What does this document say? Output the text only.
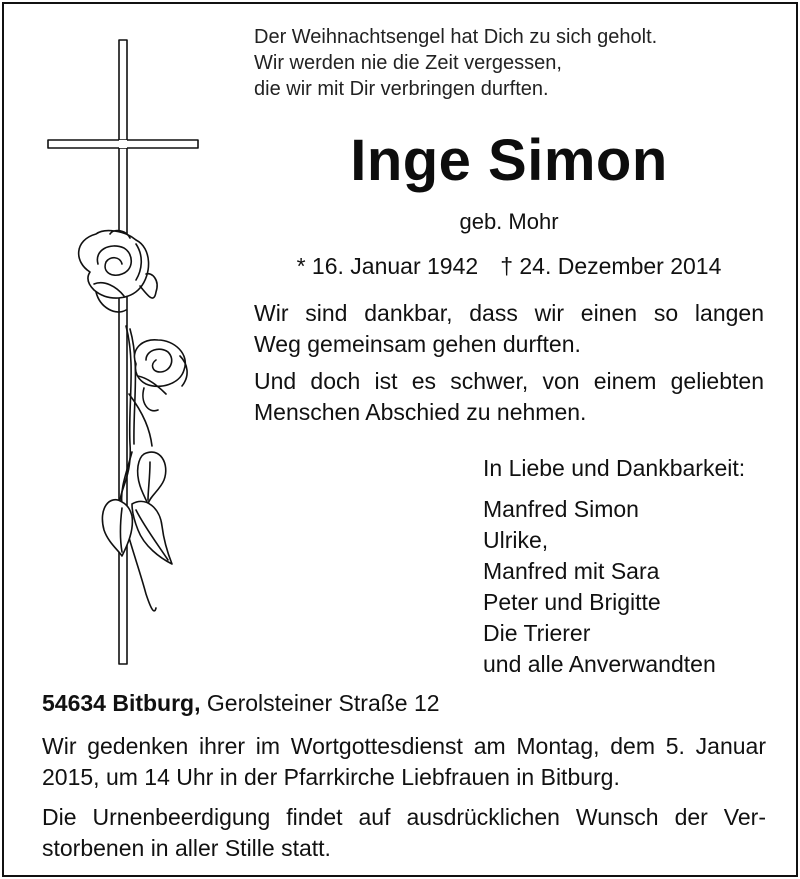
Der Weihnachtsengel hat Dich zu sich geholt.
Wir werden nie die Zeit vergessen,
die wir mit Dir verbringen durften.
Inge Simon
geb. Mohr
* 16. Januar 1942 † 24. Dezember 2014
Wir sind dankbar, dass wir einen so langen
Weg gemeinsam gehen durften.
Und doch ist es schwer, von einem geliebten
Menschen Abschied zu nehmen.
In Liebe und Dankbarkeit:
Manfred Simon
Ulrike,
Manfred mit Sara
Peter und Brigitte
Die Trierer
und alle Anverwandten
54634 Bitburg, Gerolsteiner Straße 12
Wir gedenken ihrer im Wortgottesdienst am Montag, dem 5. Januar
2015, um 14 Uhr in der Pfarrkirche Liebfrauen in Bitburg.
Die Urnenbeerdigung findet auf ausdrücklichen Wunsch der Ver-
storbenen in aller Stille statt.
